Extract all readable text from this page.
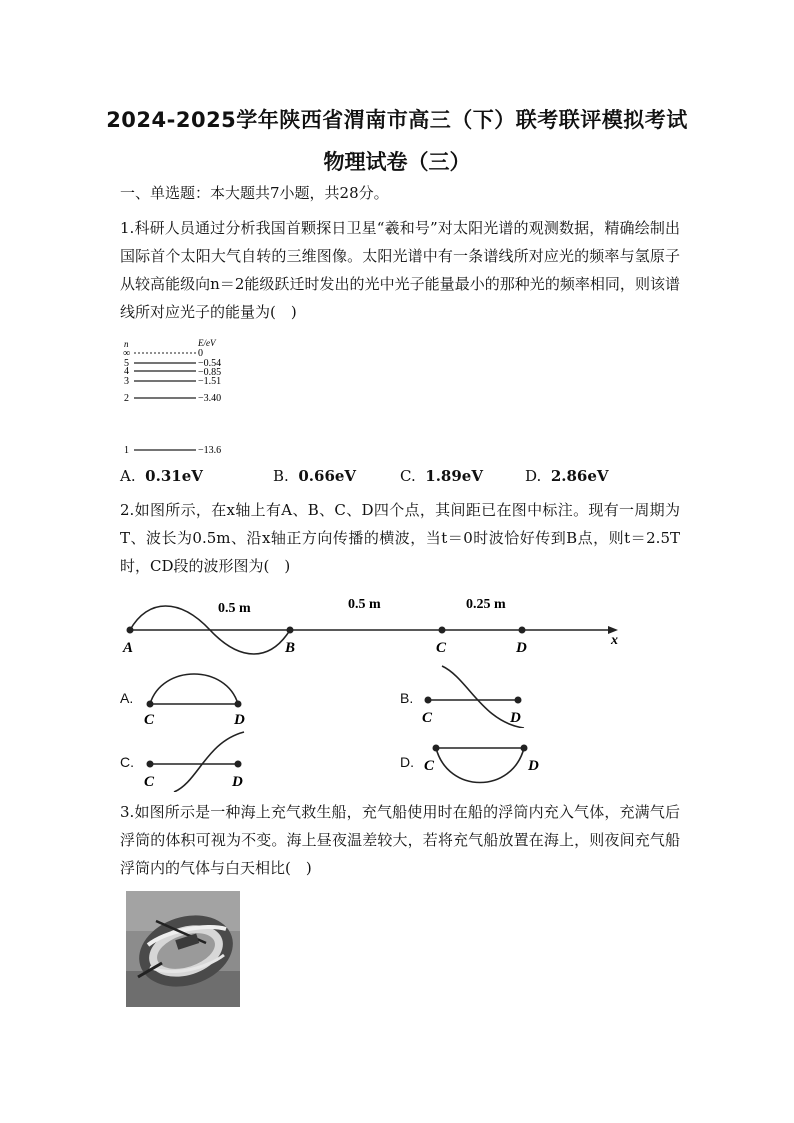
2024-2025学年陕西省渭南市高三（下）联考联评模拟考试
物理试卷（三）
一、单选题：本大题共7小题，共28分。
1.科研人员通过分析我国首颗探日卫星“羲和号”对太阳光谱的观测数据，精确绘制出国际首个太阳大气自转的三维图像。太阳光谱中有一条谱线所对应光的频率与氢原子从较高能级向n＝2能级跃迁时发出的光中光子能量最小的那种光的频率相同，则该谱线所对应光子的能量为(　)
n	E/eV
∞	0
5	−0.54
4	−0.85
3	−1.51
2	−3.40
1	−13.6
A. 0.31eV	B. 0.66eV	C. 1.89eV	D. 2.86eV
2.如图所示，在x轴上有A、B、C、D四个点，其间距已在图中标注。现有一周期为T、波长为0.5m、沿x轴正方向传播的横波，当t＝0时波恰好传到B点，则t＝2.5T时，CD段的波形图为(　)
x
A	B	C	D
0.5 m	0.5 m	0.25 m
A.
C	D
B.
C	D
C.
C	D
D. C	D
3.如图所示是一种海上充气救生船，充气船使用时在船的浮筒内充入气体，充满气后浮筒的体积可视为不变。海上昼夜温差较大，若将充气船放置在海上，则夜间充气船浮筒内的气体与白天相比(　)
